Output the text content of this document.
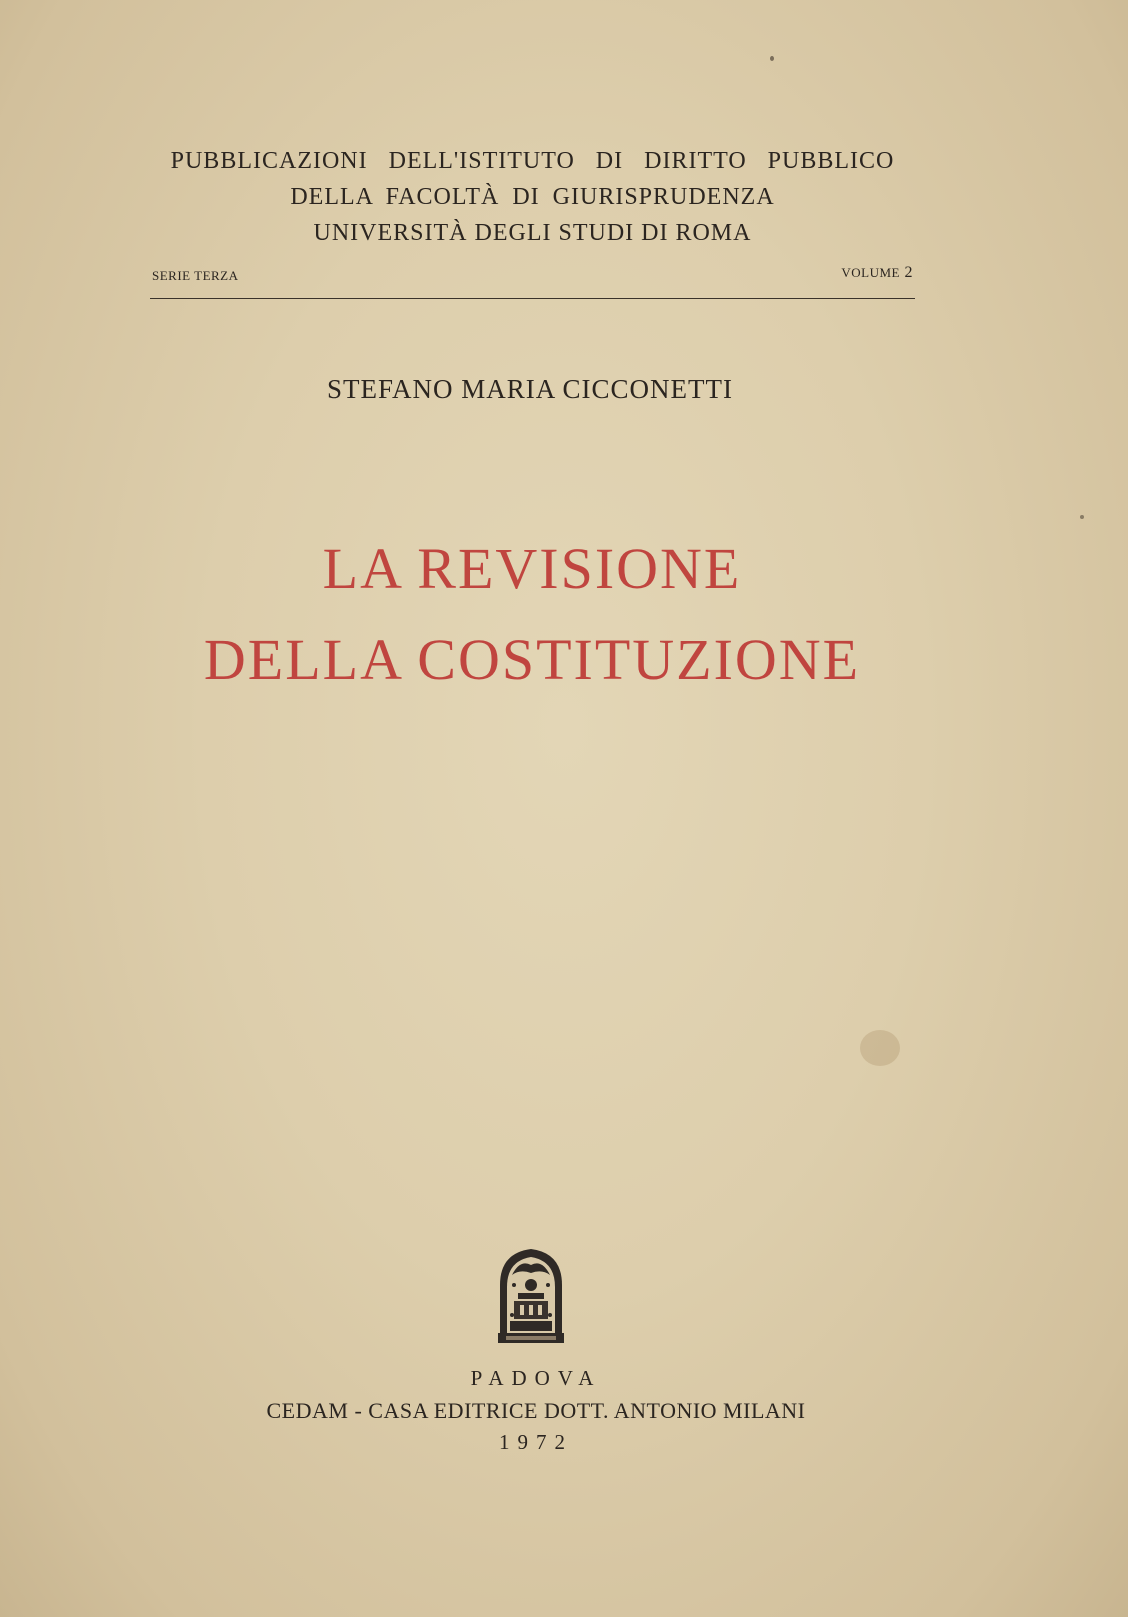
PUBBLICAZIONI DELL'ISTITUTO DI DIRITTO PUBBLICO
DELLA FACOLTÀ DI GIURISPRUDENZA
UNIVERSITÀ DEGLI STUDI DI ROMA
SERIE TERZA	VOLUME 2
STEFANO MARIA CICCONETTI
LA REVISIONE
DELLA COSTITUZIONE
PADOVA
CEDAM - CASA EDITRICE DOTT. ANTONIO MILANI
1972
